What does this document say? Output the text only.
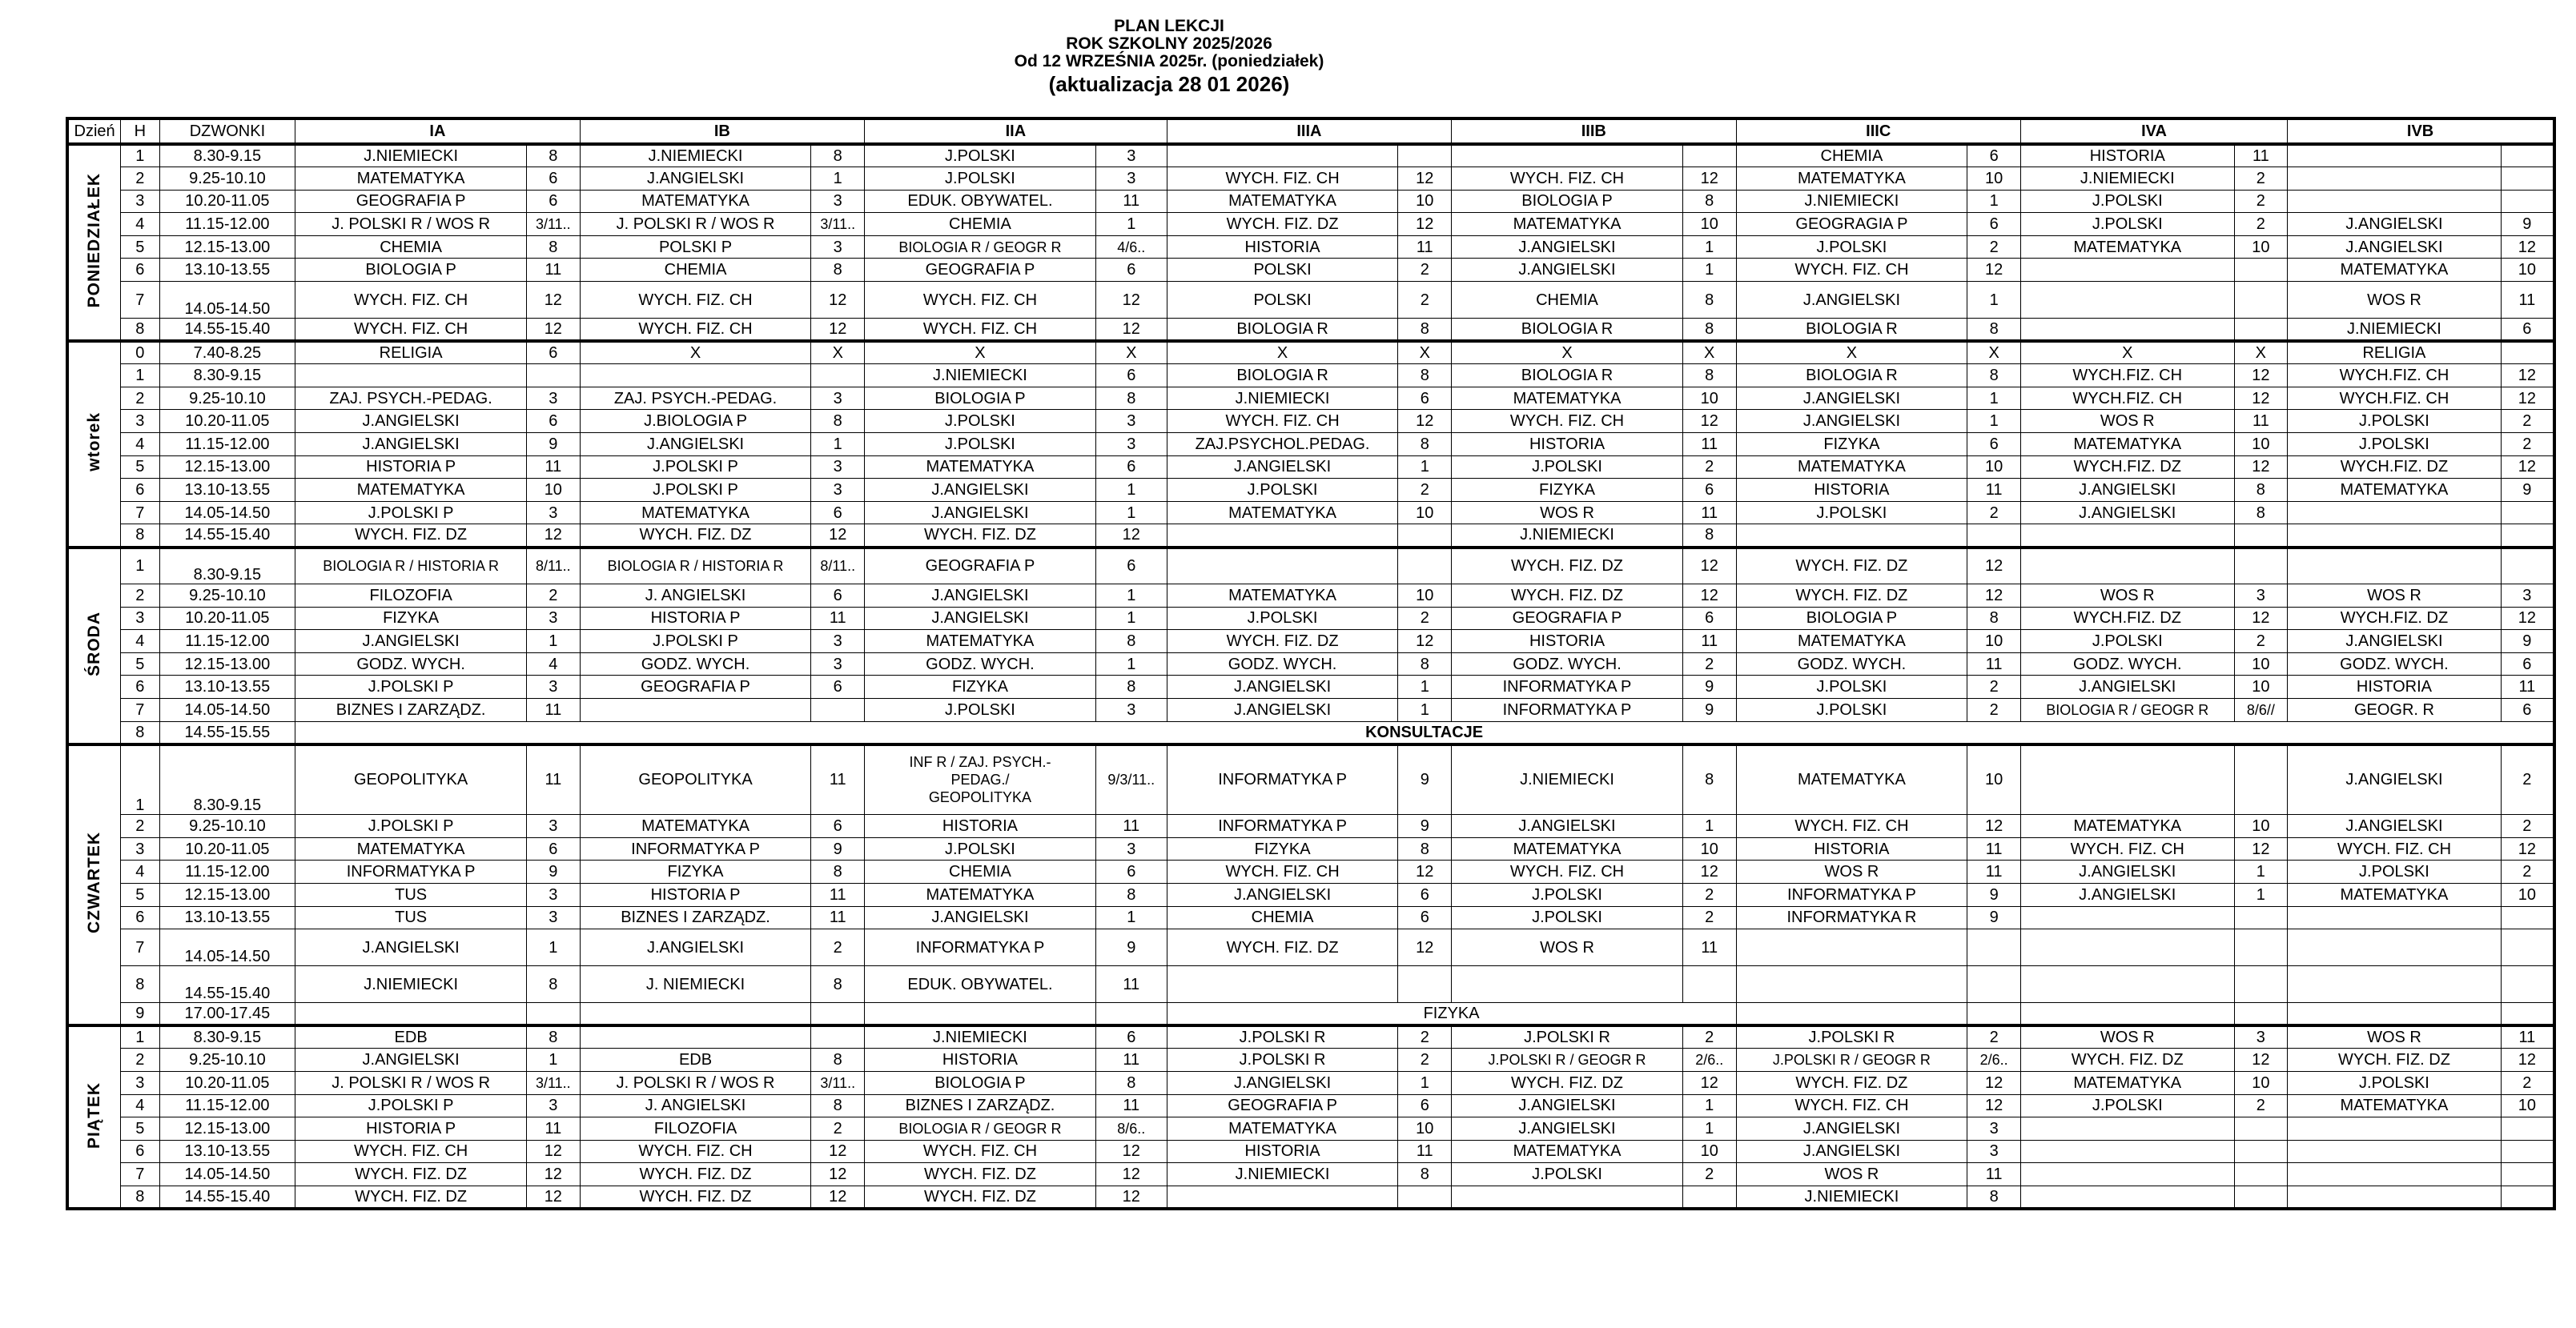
PLAN LEKCJI
ROK SZKOLNY 2025/2026
Od 12 WRZEŚNIA 2025r. (poniedziałek)
(aktualizacja 28 01 2026)
Dzień	H	DZWONKI	IA		IB		IIA		IIIA		IIIB		IIIC		IVA		IVB	
PONIEDZIAŁEK	1	8.30-9.15	J.NIEMIECKI	8	J.NIEMIECKI	8	J.POLSKI	3					CHEMIA	6	HISTORIA	11		
	2	9.25-10.10	MATEMATYKA	6	J.ANGIELSKI	1	J.POLSKI	3	WYCH. FIZ. CH	12	WYCH. FIZ. CH	12	MATEMATYKA	10	J.NIEMIECKI	2		
	3	10.20-11.05	GEOGRAFIA P	6	MATEMATYKA	3	EDUK. OBYWATEL.	11	MATEMATYKA	10	BIOLOGIA P	8	J.NIEMIECKI	1	J.POLSKI	2		
	4	11.15-12.00	J. POLSKI R / WOS R	3/11..	J. POLSKI R / WOS R	3/11..	CHEMIA	1	WYCH. FIZ. DZ	12	MATEMATYKA	10	GEOGRAGIA P	6	J.POLSKI	2	J.ANGIELSKI	9
	5	12.15-13.00	CHEMIA	8	POLSKI P	3	BIOLOGIA R / GEOGR R	4/6..	HISTORIA	11	J.ANGIELSKI	1	J.POLSKI	2	MATEMATYKA	10	J.ANGIELSKI	12
	6	13.10-13.55	BIOLOGIA P	11	CHEMIA	8	GEOGRAFIA P	6	POLSKI	2	J.ANGIELSKI	1	WYCH. FIZ. CH	12			MATEMATYKA	10
	7	14.05-14.50	WYCH. FIZ. CH	12	WYCH. FIZ. CH	12	WYCH. FIZ. CH	12	POLSKI	2	CHEMIA	8	J.ANGIELSKI	1			WOS R	11
	8	14.55-15.40	WYCH. FIZ. CH	12	WYCH. FIZ. CH	12	WYCH. FIZ. CH	12	BIOLOGIA R	8	BIOLOGIA R	8	BIOLOGIA R	8			J.NIEMIECKI	6
wtorek	0	7.40-8.25	RELIGIA	6	X	X	X	X	X	X	X	X	X	X	X	X	RELIGIA	
	1	8.30-9.15					J.NIEMIECKI	6	BIOLOGIA R	8	BIOLOGIA R	8	BIOLOGIA R	8	WYCH.FIZ. CH	12	WYCH.FIZ. CH	12
	2	9.25-10.10	ZAJ. PSYCH.-PEDAG.	3	ZAJ. PSYCH.-PEDAG.	3	BIOLOGIA P	8	J.NIEMIECKI	6	MATEMATYKA	10	J.ANGIELSKI	1	WYCH.FIZ. CH	12	WYCH.FIZ. CH	12
	3	10.20-11.05	J.ANGIELSKI	6	J.BIOLOGIA P	8	J.POLSKI	3	WYCH. FIZ. CH	12	WYCH. FIZ. CH	12	J.ANGIELSKI	1	WOS R	11	J.POLSKI	2
	4	11.15-12.00	J.ANGIELSKI	9	J.ANGIELSKI	1	J.POLSKI	3	ZAJ.PSYCHOL.PEDAG.	8	HISTORIA	11	FIZYKA	6	MATEMATYKA	10	J.POLSKI	2
	5	12.15-13.00	HISTORIA P	11	J.POLSKI P	3	MATEMATYKA	6	J.ANGIELSKI	1	J.POLSKI	2	MATEMATYKA	10	WYCH.FIZ. DZ	12	WYCH.FIZ. DZ	12
	6	13.10-13.55	MATEMATYKA	10	J.POLSKI P	3	J.ANGIELSKI	1	J.POLSKI	2	FIZYKA	6	HISTORIA	11	J.ANGIELSKI	8	MATEMATYKA	9
	7	14.05-14.50	J.POLSKI P	3	MATEMATYKA	6	J.ANGIELSKI	1	MATEMATYKA	10	WOS R	11	J.POLSKI	2	J.ANGIELSKI	8		
	8	14.55-15.40	WYCH. FIZ. DZ	12	WYCH. FIZ. DZ	12	WYCH. FIZ. DZ	12			J.NIEMIECKI	8						
ŚRODA	1	8.30-9.15	BIOLOGIA R / HISTORIA R	8/11..	BIOLOGIA R / HISTORIA R	8/11..	GEOGRAFIA P	6			WYCH. FIZ. DZ	12	WYCH. FIZ. DZ	12				
	2	9.25-10.10	FILOZOFIA	2	J. ANGIELSKI	6	J.ANGIELSKI	1	MATEMATYKA	10	WYCH. FIZ. DZ	12	WYCH. FIZ. DZ	12	WOS R	3	WOS R	3
	3	10.20-11.05	FIZYKA	3	HISTORIA P	11	J.ANGIELSKI	1	J.POLSKI	2	GEOGRAFIA P	6	BIOLOGIA P	8	WYCH.FIZ. DZ	12	WYCH.FIZ. DZ	12
	4	11.15-12.00	J.ANGIELSKI	1	J.POLSKI P	3	MATEMATYKA	8	WYCH. FIZ. DZ	12	HISTORIA	11	MATEMATYKA	10	J.POLSKI	2	J.ANGIELSKI	9
	5	12.15-13.00	GODZ. WYCH.	4	GODZ. WYCH.	3	GODZ. WYCH.	1	GODZ. WYCH.	8	GODZ. WYCH.	2	GODZ. WYCH.	11	GODZ. WYCH.	10	GODZ. WYCH.	6
	6	13.10-13.55	J.POLSKI P	3	GEOGRAFIA P	6	FIZYKA	8	J.ANGIELSKI	1	INFORMATYKA P	9	J.POLSKI	2	J.ANGIELSKI	10	HISTORIA	11
	7	14.05-14.50	BIZNES I ZARZĄDZ.	11			J.POLSKI	3	J.ANGIELSKI	1	INFORMATYKA P	9	J.POLSKI	2	BIOLOGIA R / GEOGR R	8/6//	GEOGR. R	6
	8	14.55-15.55	KONSULTACJE															
CZWARTEK	1	8.30-9.15	GEOPOLITYKA	11	GEOPOLITYKA	11	INF R / ZAJ. PSYCH.-
PEDAG./
GEOPOLITYKA	9/3/11..	INFORMATYKA P	9	J.NIEMIECKI	8	MATEMATYKA	10			J.ANGIELSKI	2
	2	9.25-10.10	J.POLSKI P	3	MATEMATYKA	6	HISTORIA	11	INFORMATYKA P	9	J.ANGIELSKI	1	WYCH. FIZ. CH	12	MATEMATYKA	10	J.ANGIELSKI	2
	3	10.20-11.05	MATEMATYKA	6	INFORMATYKA P	9	J.POLSKI	3	FIZYKA	8	MATEMATYKA	10	HISTORIA	11	WYCH. FIZ. CH	12	WYCH. FIZ. CH	12
	4	11.15-12.00	INFORMATYKA P	9	FIZYKA	8	CHEMIA	6	WYCH. FIZ. CH	12	WYCH. FIZ. CH	12	WOS R	11	J.ANGIELSKI	1	J.POLSKI	2
	5	12.15-13.00	TUS	3	HISTORIA P	11	MATEMATYKA	8	J.ANGIELSKI	6	J.POLSKI	2	INFORMATYKA P	9	J.ANGIELSKI	1	MATEMATYKA	10
	6	13.10-13.55	TUS	3	BIZNES I ZARZĄDZ.	11	J.ANGIELSKI	1	CHEMIA	6	J.POLSKI	2	INFORMATYKA R	9				
	7	14.05-14.50	J.ANGIELSKI	1	J.ANGIELSKI	2	INFORMATYKA P	9	WYCH. FIZ. DZ	12	WOS R	11						
	8	14.55-15.40	J.NIEMIECKI	8	J. NIEMIECKI	8	EDUK. OBYWATEL.	11										
	9	17.00-17.45							FIZYKA									
PIĄTEK	1	8.30-9.15	EDB	8			J.NIEMIECKI	6	J.POLSKI R	2	J.POLSKI R	2	J.POLSKI R	2	WOS R	3	WOS R	11
	2	9.25-10.10	J.ANGIELSKI	1	EDB	8	HISTORIA	11	J.POLSKI R	2	J.POLSKI R / GEOGR R	2/6..	J.POLSKI R / GEOGR R	2/6..	WYCH. FIZ. DZ	12	WYCH. FIZ. DZ	12
	3	10.20-11.05	J. POLSKI R / WOS R	3/11..	J. POLSKI R / WOS R	3/11..	BIOLOGIA P	8	J.ANGIELSKI	1	WYCH. FIZ. DZ	12	WYCH. FIZ. DZ	12	MATEMATYKA	10	J.POLSKI	2
	4	11.15-12.00	J.POLSKI P	3	J. ANGIELSKI	8	BIZNES I ZARZĄDZ.	11	GEOGRAFIA P	6	J.ANGIELSKI	1	WYCH. FIZ. CH	12	J.POLSKI	2	MATEMATYKA	10
	5	12.15-13.00	HISTORIA P	11	FILOZOFIA	2	BIOLOGIA R / GEOGR R	8/6..	MATEMATYKA	10	J.ANGIELSKI	1	J.ANGIELSKI	3				
	6	13.10-13.55	WYCH. FIZ. CH	12	WYCH. FIZ. CH	12	WYCH. FIZ. CH	12	HISTORIA	11	MATEMATYKA	10	J.ANGIELSKI	3				
	7	14.05-14.50	WYCH. FIZ. DZ	12	WYCH. FIZ. DZ	12	WYCH. FIZ. DZ	12	J.NIEMIECKI	8	J.POLSKI	2	WOS R	11				
	8	14.55-15.40	WYCH. FIZ. DZ	12	WYCH. FIZ. DZ	12	WYCH. FIZ. DZ	12					J.NIEMIECKI	8				
